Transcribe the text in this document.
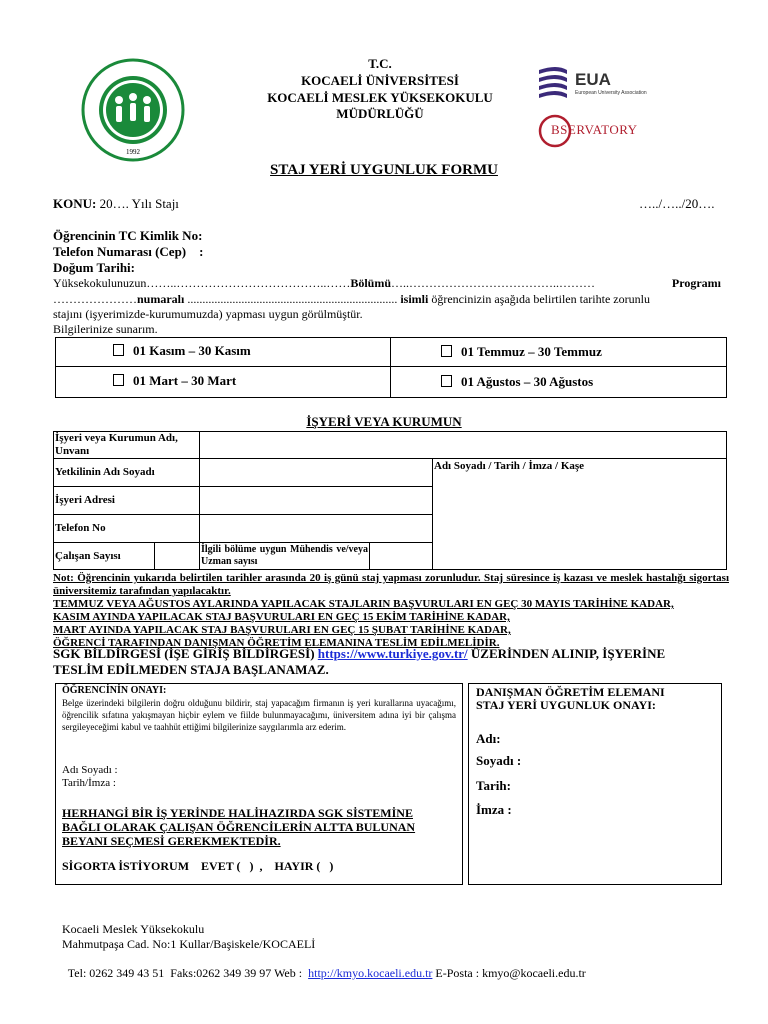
1992
T.C.
KOCAELİ ÜNİVERSİTESİ
KOCAELİ MESLEK YÜKSEKOKULU
MÜDÜRLÜĞÜ
EUA
European University Association
BSERVATORY
STAJ YERİ UYGUNLUK FORMU
KONU: 20…. Yılı Stajı	…../…../20….
Öğrencinin TC Kimlik No:
Telefon Numarası (Cep)    :
Doğum Tarihi:
Yüksekokulunuzun……..………………………………..……Bölümü…..………………………………..………	Programı
…………………numaralı ...................................................................... isimli öğrencinizin aşağıda belirtilen tarihte zorunlu
stajını (işyerimizde-kurumumuzda) yapması uygun görülmüştür.
Bilgilerinize sunarım.
01 Kasım – 30 Kasım	01 Temmuz – 30 Temmuz
01 Mart – 30 Mart	01 Ağustos – 30 Ağustos
İŞYERİ VEYA KURUMUN
İşyeri veya Kurumun Adı, Unvanı
Yetkilinin Adı Soyadı	Adı Soyadı / Tarih / İmza / Kaşe
İşyeri Adresi
Telefon No
Çalışan Sayısı
İlgili bölüme uygun Mühendis ve/veya Uzman sayısı
Not: Öğrencinin yukarıda belirtilen tarihler arasında 20 iş günü staj yapması zorunludur. Staj süresince iş kazası ve meslek hastalığı sigortası üniversitemiz tarafından yapılacaktır.
TEMMUZ VEYA AĞUSTOS AYLARINDA YAPILACAK STAJLARIN BAŞVURULARI EN GEÇ 30 MAYIS TARİHİNE KADAR,
KASIM AYINDA YAPILACAK STAJ BAŞVURULARI EN GEÇ 15 EKİM TARİHİNE KADAR,
MART AYINDA YAPILACAK STAJ BAŞVURULARI EN GEÇ 15 ŞUBAT TARİHİNE KADAR,
ÖĞRENCİ TARAFINDAN DANIŞMAN ÖĞRETİM ELEMANINA TESLİM EDİLMELİDİR.
SGK BİLDİRGESİ (İŞE GİRİŞ BİLDİRGESİ) https://www.turkiye.gov.tr/ ÜZERİNDEN ALINIP, İŞYERİNE
TESLİM EDİLMEDEN STAJA BAŞLANAMAZ.
ÖĞRENCİNİN ONAYI:
Belge üzerindeki bilgilerin doğru olduğunu bildirir, staj yapacağım firmanın iş yeri kurallarına uyacağımı, öğrencilik sıfatına yakışmayan hiçbir eylem ve fiilde bulunmayacağımı, üniversitem adına iyi bir çalışma sergileyeceğimi kabul ve taahhüt ettiğimi bilgilerinize saygılarımla arz ederim.
Adı Soyadı :
Tarih/İmza :
HERHANGİ BİR İŞ YERİNDE HALİHAZIRDA SGK SİSTEMİNE
BAĞLI OLARAK ÇALIŞAN ÖĞRENCİLERİN ALTTA BULUNAN
BEYANI SEÇMESİ GEREKMEKTEDİR.
SİGORTA İSTİYORUM    EVET (   )  ,    HAYIR (   )
DANIŞMAN ÖĞRETİM ELEMANI
STAJ YERİ UYGUNLUK ONAYI:
Adı:
Soyadı :
Tarih:
İmza :
Kocaeli Meslek Yüksekokulu
Mahmutpaşa Cad. No:1 Kullar/Başiskele/KOCAELİ

Tel: 0262 349 43 51  Faks:0262 349 39 97 Web :  http://kmyo.kocaeli.edu.tr E-Posta : kmyo@kocaeli.edu.tr
